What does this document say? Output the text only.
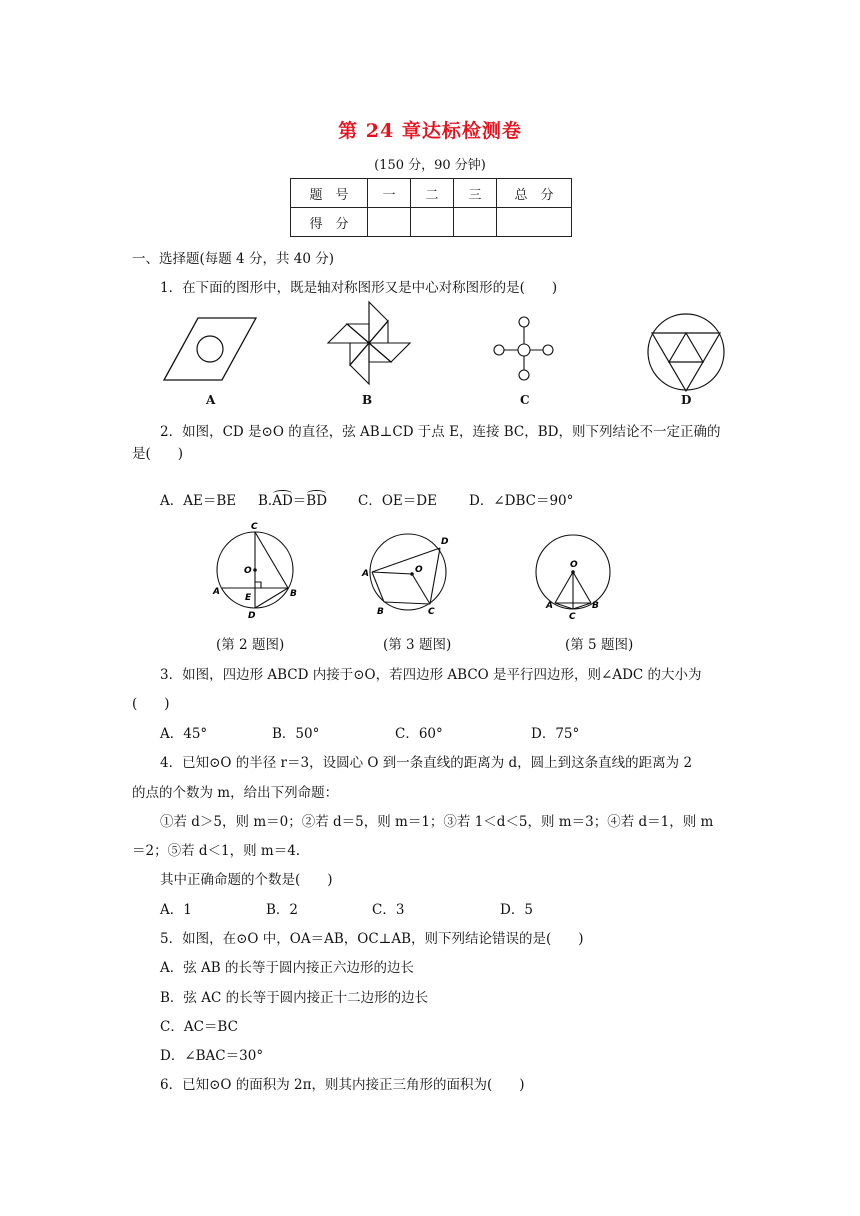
第 24 章达标检测卷
(150 分，90 分钟)
题　号	一	二	三	总　分
得　分				
一、选择题(每题 4 分，共 40 分)
1．在下面的图形中，既是轴对称图形又是中心对称图形的是(　　)
A	B	C	D
2．如图，CD 是⊙O 的直径，弦 AB⊥CD 于点 E，连接 BC，BD，则下列结论不一定正确的
是(　　)
A．AE＝BE B.AD＝BD C．OE＝DE D．∠DBC＝90°
C
O
A
E
D
B
D
A	O
B	C
O
A
C
B
(第 2 题图)	(第 3 题图)	(第 5 题图)
3．如图，四边形 ABCD 内接于⊙O，若四边形 ABCO 是平行四边形，则∠ADC 的大小为
(　　)
A．45°	B．50°	C．60°	D．75°
4．已知⊙O 的半径 r＝3，设圆心 O 到一条直线的距离为 d，圆上到这条直线的距离为 2
的点的个数为 m，给出下列命题：
①若 d＞5，则 m＝0；②若 d＝5，则 m＝1；③若 1＜d＜5，则 m＝3；④若 d＝1，则 m
＝2；⑤若 d＜1，则 m＝4.
其中正确命题的个数是(　　)
A．1	B．2	C．3	D．5
5．如图，在⊙O 中，OA＝AB，OC⊥AB，则下列结论错误的是(　　)
A．弦 AB 的长等于圆内接正六边形的边长
B．弦 AC 的长等于圆内接正十二边形的边长
C．AC＝BC
D．∠BAC＝30°
6．已知⊙O 的面积为 2π，则其内接正三角形的面积为(　　)
